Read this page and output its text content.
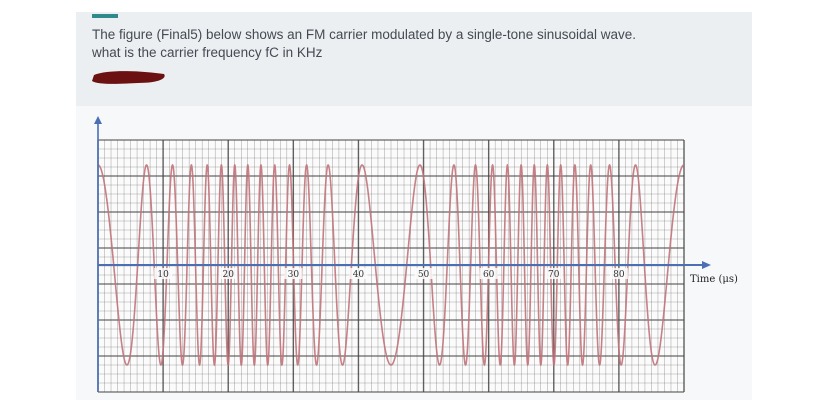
The figure (Final5) below shows an FM carrier modulated by a single-tone sinusoidal wave.
what is the carrier frequency fC in KHz
10	20	30	40	50	60	70	80	Time (μs)
